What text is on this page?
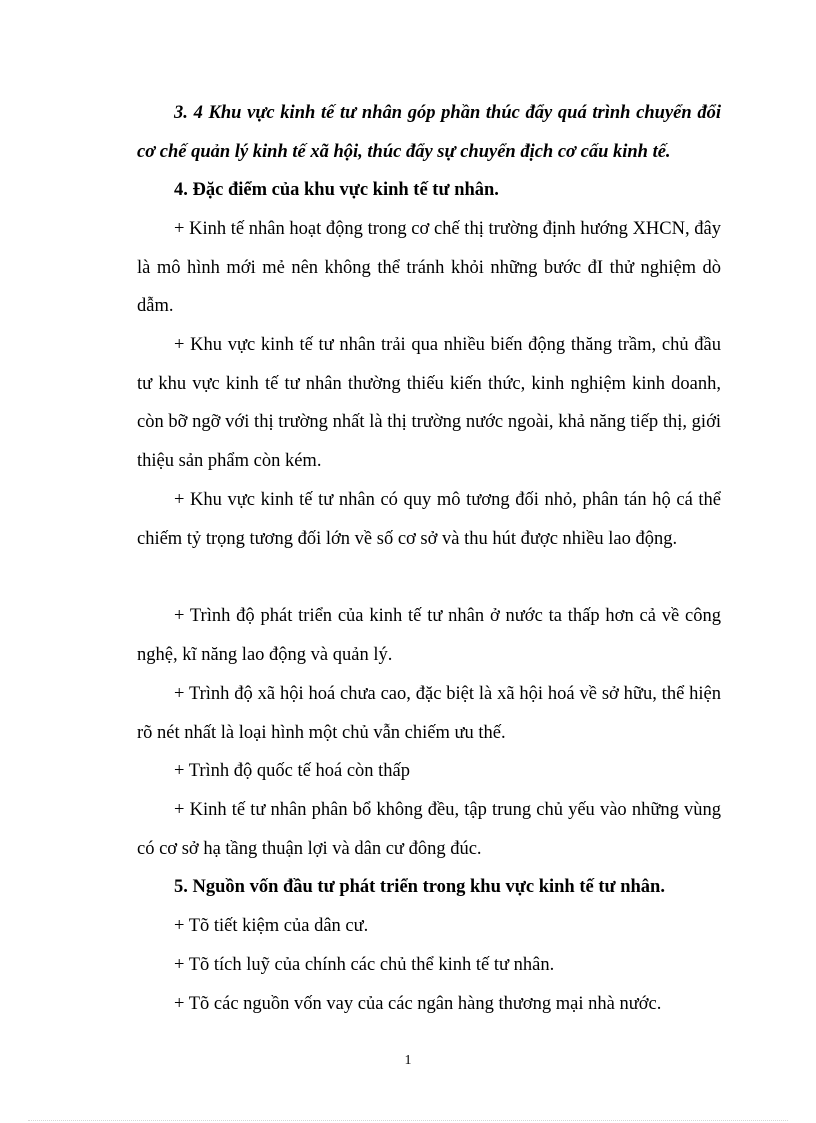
3. 4 Khu vực kinh tế tư nhân góp phần thúc đẩy quá trình chuyển đổi cơ chế quản lý kinh tế xã hội, thúc đẩy sự chuyển địch cơ cấu kinh tế.

4. Đặc điểm của khu vực kinh tế tư nhân.

+ Kinh tế nhân hoạt động trong cơ chế thị trường định hướng XHCN, đây là mô hình mới mẻ nên không thể tránh khỏi những bước đI thử nghiệm dò dẫm.

+ Khu vực kinh tế tư nhân trải qua nhiều biến động thăng trầm, chủ đầu tư khu vực kinh tế tư nhân thường thiếu kiến thức, kinh nghiệm kinh doanh, còn bỡ ngỡ với thị trường nhất là thị trường nước ngoài, khả năng tiếp thị, giới thiệu sản phẩm còn kém.

+ Khu vực kinh tế tư nhân có quy mô tương đối nhỏ, phân tán hộ cá thể chiếm tỷ trọng tương đối lớn về số cơ sở và thu hút được nhiều lao động.

+ Trình độ phát triển của kinh tế tư nhân ở nước ta thấp hơn cả về công nghệ, kĩ năng lao động và quản lý.

+ Trình độ xã hội hoá chưa cao, đặc biệt là xã hội hoá về sở hữu, thể hiện rõ nét nhất là loại hình một chủ vẫn chiếm ưu thế.

+ Trình độ quốc tế hoá còn thấp

+ Kinh tế tư nhân phân bổ không đều, tập trung chủ yếu vào những vùng có cơ sở hạ tầng thuận lợi và dân cư đông đúc.

5. Nguồn vốn đầu tư phát triển trong khu vực kinh tế tư nhân.

+ Tõ tiết kiệm của dân cư.

+ Tõ tích luỹ của chính các chủ thể kinh tế tư nhân.

+ Tõ các nguồn vốn vay của các ngân hàng thương mại nhà nước.

1
